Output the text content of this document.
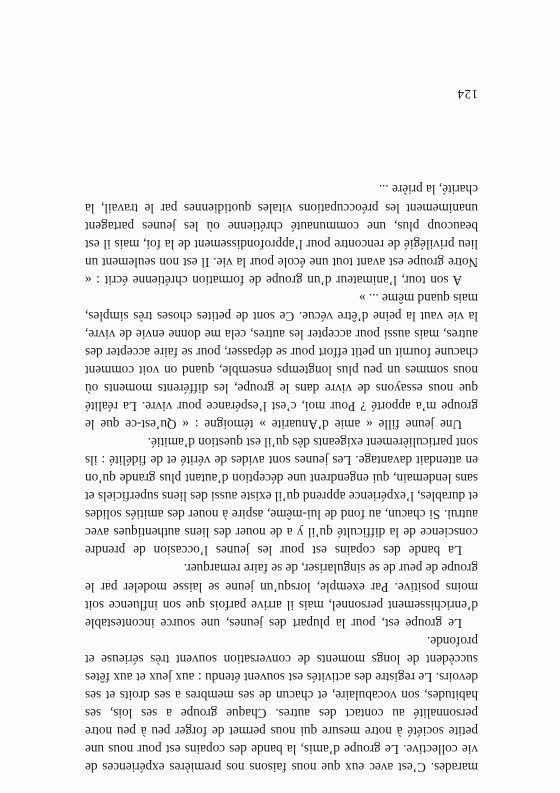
marades. C’est avec eux que nous faisons nos premières expériences de vie collective. Le groupe d’amis, la bande des copains est pour nous une petite société à notre mesure qui nous permet de forger peu à peu notre personnalité au contact des autres. Chaque groupe a ses lois, ses habitudes, son vocabulaire, et chacun de ses membres a ses droits et ses devoirs. Le registre des activités est souvent étendu : aux jeux et aux fêtes succèdent de longs moments de conversation souvent très sérieuse et profonde.

Le groupe est, pour la plupart des jeunes, une source incontestable d’enrichissement personnel, mais il arrive parfois que son influence soit moins positive. Par exemple, lorsqu’un jeune se laisse modeler par le groupe de peur de se singulariser, de se faire remarquer.

La bande des copains est pour les jeunes l’occasion de prendre conscience de la difficulté qu’il y a de nouer des liens authentiques avec autrui. Si chacun, au fond de lui-même, aspire à nouer des amitiés solides et durables, l’expérience apprend qu’il existe aussi des liens superficiels et sans lendemain, qui engendrent une déception d’autant plus grande qu’on en attendait davantage. Les jeunes sont avides de vérité et de fidélité : ils sont particulièrement exigeants dès qu’il est question d’amitié.

Une jeune fille « amie d’Anuarite » témoigne : « Qu’est-ce que le groupe m’a apporté ? Pour moi, c’est l’espérance pour vivre. La réalité que nous essayons de vivre dans le groupe, les différents moments où nous sommes un peu plus longtemps ensemble, quand on voit comment chacune fournit un petit effort pour se dépasser, pour se faire accepter des autres, mais aussi pour accepter les autres, cela me donne envie de vivre, la vie vaut la peine d’être vécue. Ce sont de petites choses très simples, mais quand même ... »

A son tour, l’animateur d’un groupe de formation chrétienne écrit : « Notre groupe est avant tout une école pour la vie. Il est non seulement un lieu privilégié de rencontre pour l’approfondissement de la foi, mais il est beaucoup plus, une communauté chrétienne où les jeunes partagent unanimement les préoccupations vitales quotidiennes par le travail, la charité, la prière ...

124
